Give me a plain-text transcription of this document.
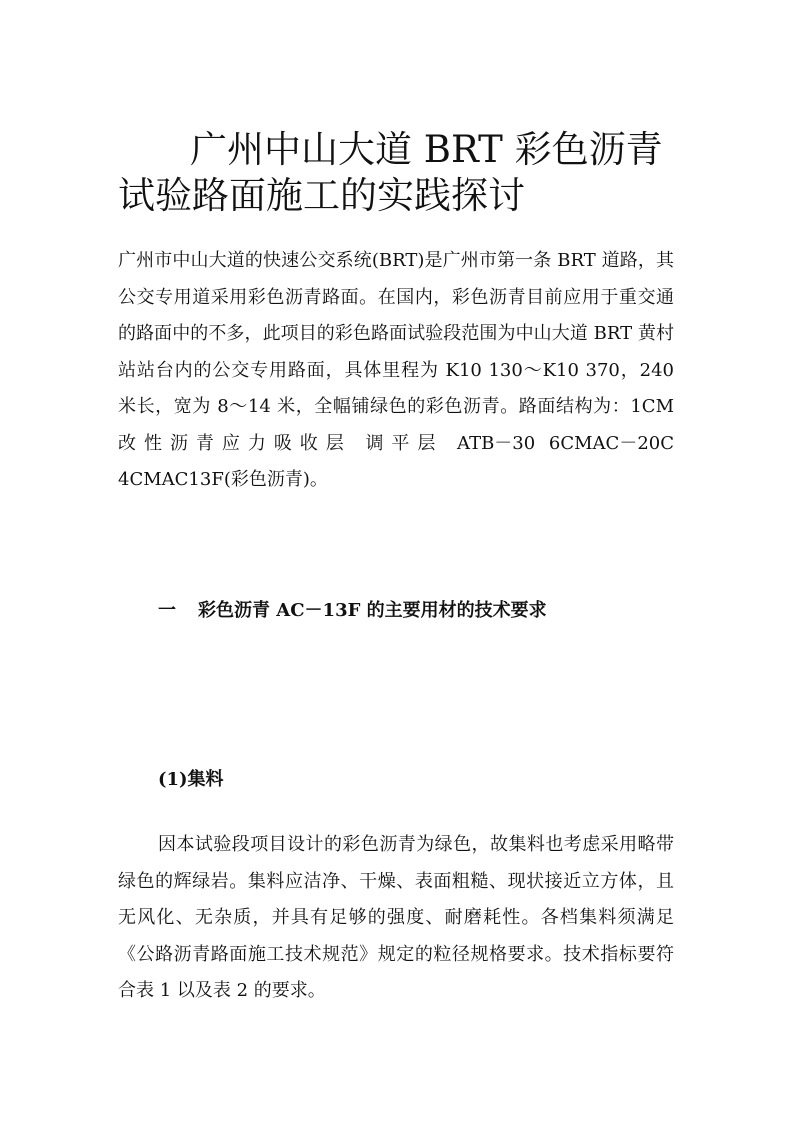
广州中山大道 BRT 彩色沥青试验路面施工的实践探讨

广州市中山大道的快速公交系统(BRT)是广州市第一条 BRT 道路，其公交专用道采用彩色沥青路面。在国内，彩色沥青目前应用于重交通的路面中的不多，此项目的彩色路面试验段范围为中山大道 BRT 黄村站站台内的公交专用路面，具体里程为 K10 130～K10 370，240 米长，宽为 8～14 米，全幅铺绿色的彩色沥青。路面结构为：1CM 改性沥青应力吸收层 调平层 ATB－30 6CMAC－20C 4CMAC13F(彩色沥青)。

一 彩色沥青 AC－13F 的主要用材的技术要求
(1)集料

因本试验段项目设计的彩色沥青为绿色，故集料也考虑采用略带绿色的辉绿岩。集料应洁净、干燥、表面粗糙、现状接近立方体，且无风化、无杂质，并具有足够的强度、耐磨耗性。各档集料须满足《公路沥青路面施工技术规范》规定的粒径规格要求。技术指标要符合表 1 以及表 2 的要求。
